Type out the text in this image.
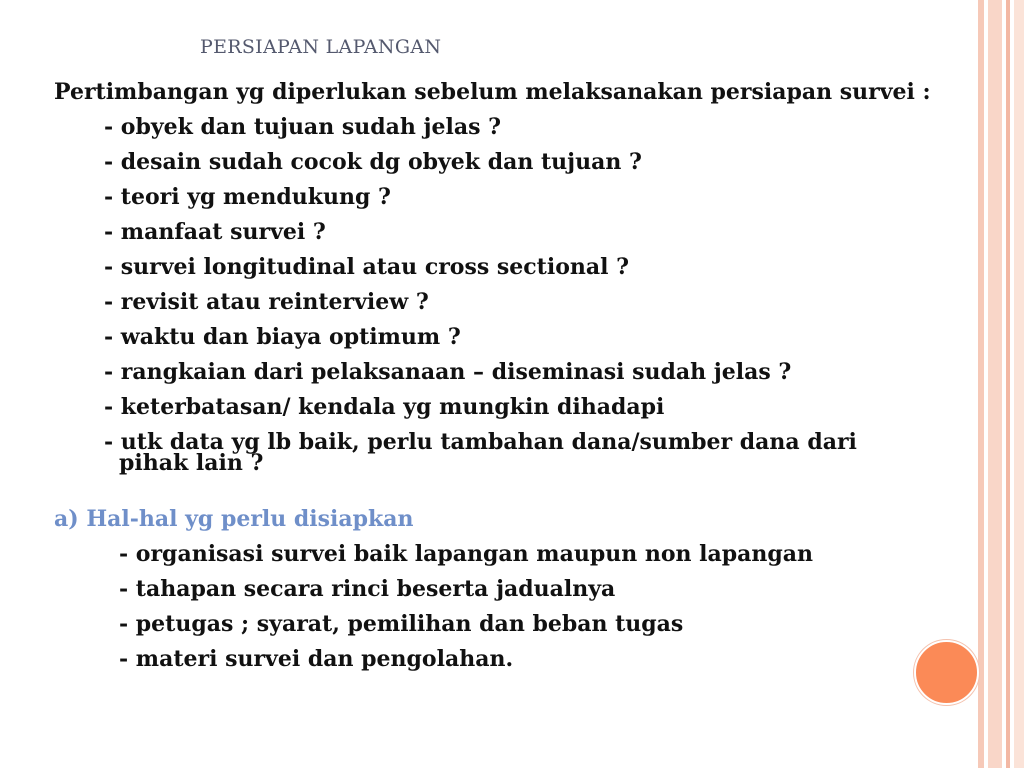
PERSIAPAN LAPANGAN
Pertimbangan yg diperlukan sebelum melaksanakan persiapan survei :
- obyek dan tujuan sudah jelas ?
- desain sudah cocok dg obyek dan tujuan ?
- teori yg mendukung ?
- manfaat survei ?
- survei longitudinal atau cross sectional ?
- revisit atau reinterview ?
- waktu dan biaya optimum ?
- rangkaian dari pelaksanaan – diseminasi sudah jelas ?
- keterbatasan/ kendala yg mungkin dihadapi
- utk data yg lb baik, perlu tambahan dana/sumber dana dari
pihak lain ?
a) Hal-hal yg perlu disiapkan
- organisasi survei baik lapangan maupun non lapangan
- tahapan secara rinci beserta jadualnya
- petugas ; syarat, pemilihan dan beban tugas
- materi survei dan pengolahan.
